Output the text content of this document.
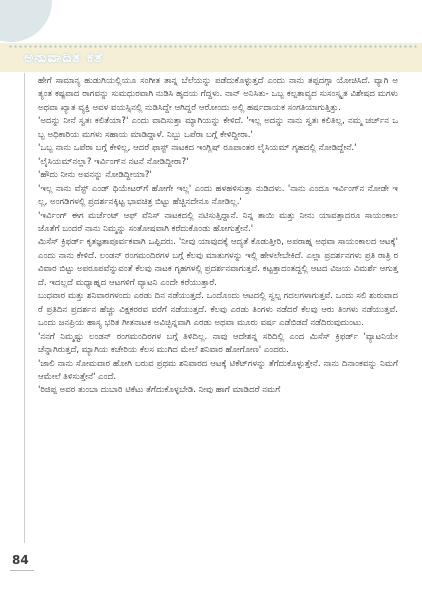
ಅನುವಾದಿತ ಕತೆ

ಹೇಗೆ ಸಾಮಾನ್ಯ ಹುಡುಗಿಯಲ್ಲಿಯೂ ಸಂಗೀತ ತಾನ್ನ ಬೆಲೆಯನ್ನು ಪಡೆದುಕೊಳ್ಳುತ್ತದೆ ಎಂದು ನಾನು ತಪ್ಪದಗ್ಗಾ ಯೋಚಿಸಿದೆ. ವ್ಯಾಗಿ ಅತ್ಯಂತ ಕಷ್ಟವಾದ ರಾಗವನ್ನು ಸುಮಧುರವಾಗಿ ನುಡಿಸಿ ಹೃದಯ ಗೆದ್ದಳು. ನಾನ್ ಅನಿಸಿತು- ಒಬ್ಬ ಕಲ್ಪತಾವ್ಯದ ಸುಸಂಸ್ಕೃತ ವಿಶೇಷದ ಮಗಳು ಅಥವಾ ಖ್ಯಾತ ವ್ಯಕ್ತಿ ಅವಳ ವಯಸ್ಸಿನಲ್ಲಿ ನುಡಿಸಿದ್ದೇ ಆಗಿದ್ದರೆ ಆರೋಂದು ಅಲ್ಲಿ ಹರ್ಷದಾಯಕ ಸಂಗತಿಯಾಗುತ್ತಿತ್ತು.

'ಅದನ್ನು ನೀನೆ ಸ್ವತಃ ಕಲಿತೆಯಾ?' ಎಂದು ವಾದಿಸುತ್ತಾ ಮ್ಯಾಗಿಯನ್ನು ಕೇಳಿದೆ. 'ಇಲ್ಲ ಅದನ್ನು ನಾನು ಸ್ವತಃ ಕಲಿತಿಲ್ಲ, ನಮ್ಮ ಚರ್ಚ್‌ನ ಒಬ್ಬ ಅಧಿಕಾರಿಯ ಮಗಳು ಸಹಾಯ ಮಾಡಿದ್ದಾಳೆ. ನಿಬ್ಬು ಒಪೆರಾ ಬಗ್ಗೆ ಕೇಳಿದ್ದೀರಾ.'

'ಒಬ್ಬ ನಾನು ಒಪೆರಾ ಬಗ್ಗೆ ಕೇಳಿಲ್ಲ, ಆದರೆ ಫಾಸ್ಟ್ ನಾಟಕದ ಇಂಗ್ಲಿಷ್ ರೂಪಾಂತರ ಲೈಸಿಯಮ್ ಗೃಹದಲ್ಲಿ ನೋಡಿದ್ದೇನೆ.'

'ಲೈಸಿಯಮ್‌ನಲ್ಲಾ? ಇರ್ವಿಂಗ್‌ನ ನಟನೆ ನೋಡಿದ್ದೀರಾ?'

'ಹೌದು ನೀನು ಅವನನ್ನು ನೋಡಿದ್ದೀಯಾ?'

'ಇಲ್ಲ ನಾನು ವೆಸ್ಟ್ ಎಂಡ್ ಥಿಯೇಟರ್‌ಗೆ ಹೋಗೇ ಇಲ್ಲ' ಎಂದು ಹಳಹಳಿಸುತ್ತಾ ನುಡಿದಳು. 'ನಾನು ಎಂದೂ ಇರ್ವಿಂಗ್‌ನ ನೋಡೇ ಇಲ್ಲ, ಅಂಗಡಿಗಳಲ್ಲಿ ಪ್ರದರ್ಶನಕ್ಕಿಟ್ಟ ಭಾವಚಿತ್ರ ಬಿಟ್ಟು ಹೆಚ್ಚಿನದೇನೂ ನೋಡಿಲ್ಲ.'

'ಇರ್ವಿಂಗ್ ಈಗ ಮರ್ಚೆಂಟ್ ಆಫ್ ವೆನಿಸ್ ನಾಟಕದಲ್ಲಿ ನಟಿಸುತ್ತಿದ್ದಾನೆ. ನಿನ್ನ ತಾಯಿ ಮತ್ತು ನೀನು ಯಾವತ್ತಾದರೂ ಸಾಯಂಕಾಲ ಜೊತೆಗೆ ಬಂದರೆ ನಾನು ನಿಮ್ಮನ್ನು ಸಂತೋಷವಾಗಿ ಕರೆದುಕೊಂಡು ಹೋಗುತ್ತೇನೆ.'

ಮಿಸೆಸ್ ಕ್ರಿಫರ್ಡ್ ಕೃತಜ್ಞತಾಪೂರ್ವಕವಾಗಿ ಒಪ್ಪಿದರು. 'ನೀವು ಯಾವುದಕ್ಕೆ ಆದ್ಯತೆ ಕೊಡುತ್ತೀರಿ, ಅಪರಾಹ್ನ ಅಥವಾ ಸಾಯಂಕಾಲದ ಆಟಕ್ಕೆ' ಎಂದು ನಾನು ಕೇಳಿದೆ. ಲಂಡನ್ ರಂಗಮಂದಿರಗಳ ಬಗ್ಗೆ ಕೆಲವು ಮಾತುಗಳನ್ನು ಇಲ್ಲಿ ಹೇಳಲೇಬೇಕಿದೆ. ಎಲ್ಲಾ ಪ್ರದರ್ಶನಗಳು ಪ್ರತಿ ರಾತ್ರಿ ರವಿವಾರ ಬಿಟ್ಟು ಅಪರೂಪವೆನ್ನುವಂತೆ ಕೆಲವು ನಾಟಕ ಗೃಹಗಳಲ್ಲಿ ಪ್ರದರ್ಶನವಾಗುತ್ತವೆ. ಕಟ್ಟತ್ತಾದಂತದ್ದಲ್ಲಿ ಆಟದ ವಿಜಯ ವಿಮರ್ಶೆ ಆಗುತ್ತದೆ. ಇದಲ್ಲದೆ ಮಧ್ಯಾಹ್ನದ ಆಟಗಳಿಗೆ ವ್ಯಾಟನಿ ಎಂದೇ ಕರೆಯುತ್ತಾರೆ.

ಬುಧವಾರ ಮತ್ತು ಶನಿವಾರಗಳಂದು ಎರಡು ದಿನ ನಡೆಯುತ್ತದೆ. ಒಂದೊಂದು ಆಟದಲ್ಲಿ ಸ್ವಲ್ಪ ಗದಲಗಳಾಗುತ್ತವೆ. ಒಂದು ಸಲಿ ಶುರುವಾದರೆ ಪ್ರತಿದಿನ ಪ್ರದರ್ಶನ ಹೆಚ್ಚು ವಿಕ್ಷಕರರವ ವರೆಗೆ ನಡೆಯುತ್ತದೆ. ಕೆಲವು ಎರಡು ತಿಂಗಳು ನಡೆದರೆ ಕೆಲವು ಆರು ತಿಂಗಳು ನಡೆಯುತ್ತವೆ. ಒಂದು ಜನಪ್ರಿಯ ಹಾಸ್ಯ ಭರಿತ ಗೀತನಾಟಕ ಅವಿಚ್ಛಿನ್ನವಾಗಿ ಎರಡು ಅಥವಾ ಮೂರು ವರ್ಷ ಎಡೆಬಿಡದೆ ನಡೆದಿರುವುದುಂಟು.

'ನನಗೆ ನಿಮ್ಮಷ್ಟು ಲಂಡನ್ ರಂಗಮಂದಿರಗಳ ಬಗ್ಗೆ ತಿಳಿದಿಲ್ಲ. ನಾವು ಆದೇಶನ್ನ ಸರಿದಿಲ್ಲಿ ಎಂದ ಮಿಸೆಸ್ ಕ್ರಿಫರ್ಡ್ 'ವ್ಯಾಟನಿಯೇ ಚೆನ್ನಾಗಿರುತ್ತದೆ, ಮ್ಯಾಗಿಯ ಕಚೇರಿಯ ಕೆಲಸ ಮುಗಿದ ಮೇಲೆ ಶನಿವಾರ ಹೋಗೋಣ' ಎಂದರು.

'ಜಾಲಿ ನಾನು ಸೋಮವಾರ ಹೋಗಿ ಬರುವ ಪ್ರಥಮ ಶನಿವಾರದ ಆಟಕ್ಕೆ ಟಿಕೆಟ್‌ಗಳನ್ನು ತೆಗೆದುಕೊಳ್ಳುತ್ತೇನೆ. ನಾನು ದಿನಾಂಕವನ್ನು ನಿಮಗೆ ಆಮೇಲೆ ತಿಳಿಸುತ್ತೇನೆ' ಎಂದೆ.

'ರಿಜಿಪ್ಪ ಅವರ ತುಂಬಾ ದುಬಾರಿ ಟಿಕೆಟು ತೆಗೆದುಕೊಳ್ಳಬೇಡಿ. ನೀವು ಹಾಗೆ ಮಾಡಿದರೆ ನಮಗೆ

84
